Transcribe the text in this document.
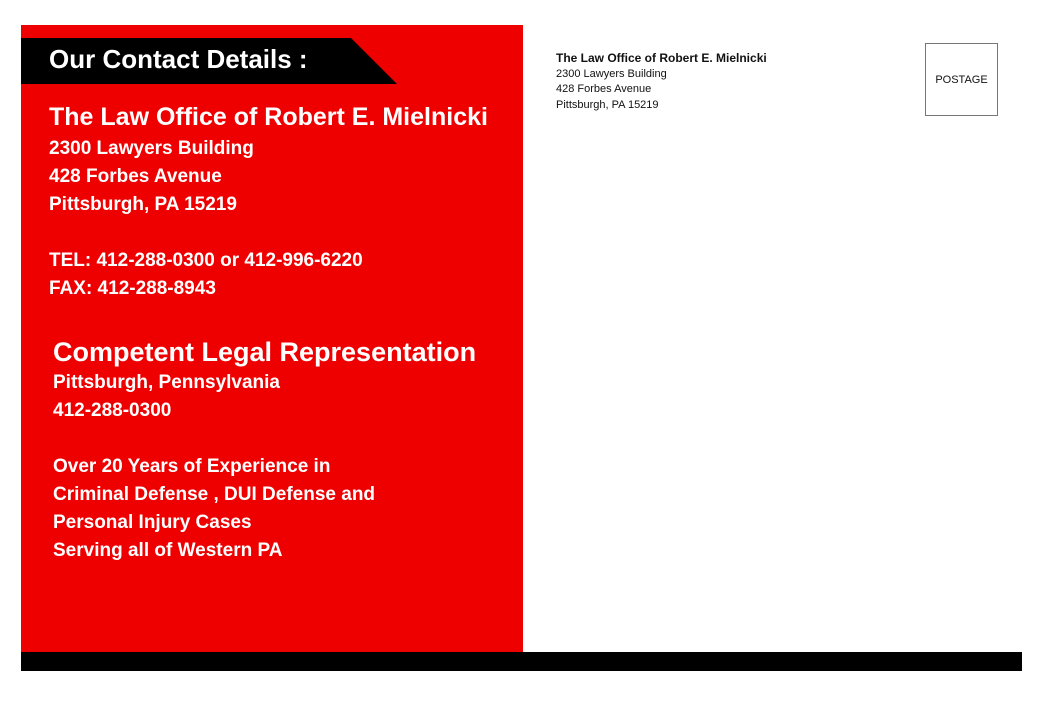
Our Contact Details :
The Law Office of Robert E. Mielnicki
2300 Lawyers Building
428 Forbes Avenue
Pittsburgh, PA 15219
TEL: 412-288-0300 or 412-996-6220
FAX: 412-288-8943
Competent Legal Representation
Pittsburgh, Pennsylvania
412-288-0300
Over 20 Years of Experience in
Criminal Defense , DUI Defense and
Personal Injury Cases
Serving all of Western PA
The Law Office of Robert E. Mielnicki
2300 Lawyers Building
428 Forbes Avenue
Pittsburgh, PA 15219
POSTAGE
